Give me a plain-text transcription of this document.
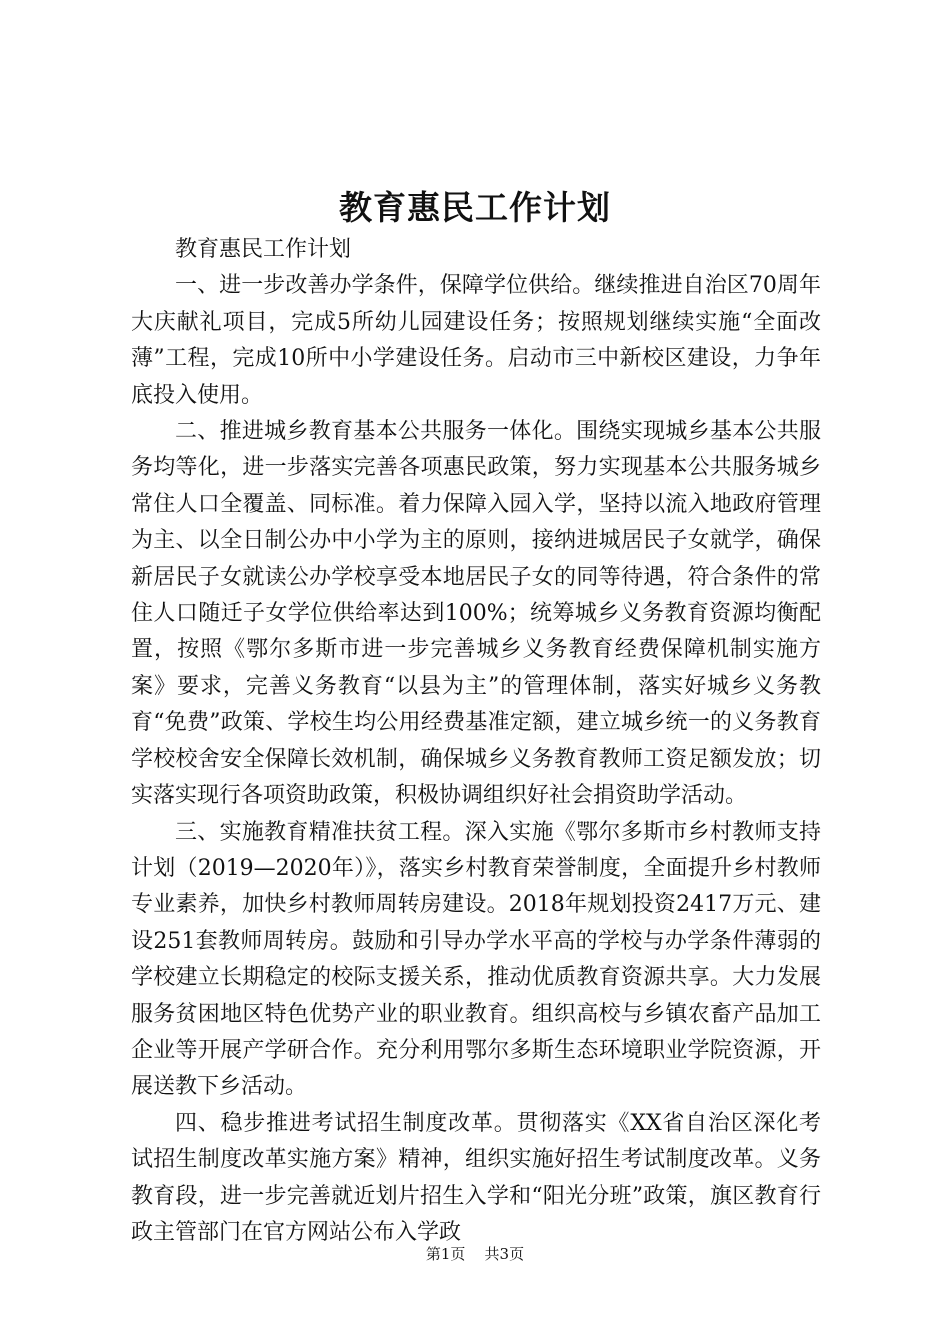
教育惠民工作计划

教育惠民工作计划

一、进一步改善办学条件，保障学位供给。继续推进自治区70周年大庆献礼项目，完成5所幼儿园建设任务；按照规划继续实施“全面改薄”工程，完成10所中小学建设任务。启动市三中新校区建设，力争年底投入使用。

二、推进城乡教育基本公共服务一体化。围绕实现城乡基本公共服务均等化，进一步落实完善各项惠民政策，努力实现基本公共服务城乡常住人口全覆盖、同标准。着力保障入园入学，坚持以流入地政府管理为主、以全日制公办中小学为主的原则，接纳进城居民子女就学，确保新居民子女就读公办学校享受本地居民子女的同等待遇，符合条件的常住人口随迁子女学位供给率达到100%；统筹城乡义务教育资源均衡配置，按照《鄂尔多斯市进一步完善城乡义务教育经费保障机制实施方案》要求，完善义务教育“以县为主”的管理体制，落实好城乡义务教育“免费”政策、学校生均公用经费基准定额，建立城乡统一的义务教育学校校舍安全保障长效机制，确保城乡义务教育教师工资足额发放；切实落实现行各项资助政策，积极协调组织好社会捐资助学活动。

三、实施教育精准扶贫工程。深入实施《鄂尔多斯市乡村教师支持计划（2019—2020年）》，落实乡村教育荣誉制度，全面提升乡村教师专业素养，加快乡村教师周转房建设。2018年规划投资2417万元、建设251套教师周转房。鼓励和引导办学水平高的学校与办学条件薄弱的学校建立长期稳定的校际支援关系，推动优质教育资源共享。大力发展服务贫困地区特色优势产业的职业教育。组织高校与乡镇农畜产品加工企业等开展产学研合作。充分利用鄂尔多斯生态环境职业学院资源，开展送教下乡活动。

四、稳步推进考试招生制度改革。贯彻落实《XX省自治区深化考试招生制度改革实施方案》精神，组织实施好招生考试制度改革。义务教育段，进一步完善就近划片招生入学和“阳光分班”政策，旗区教育行政主管部门在官方网站公布入学政

第1页 共3页
